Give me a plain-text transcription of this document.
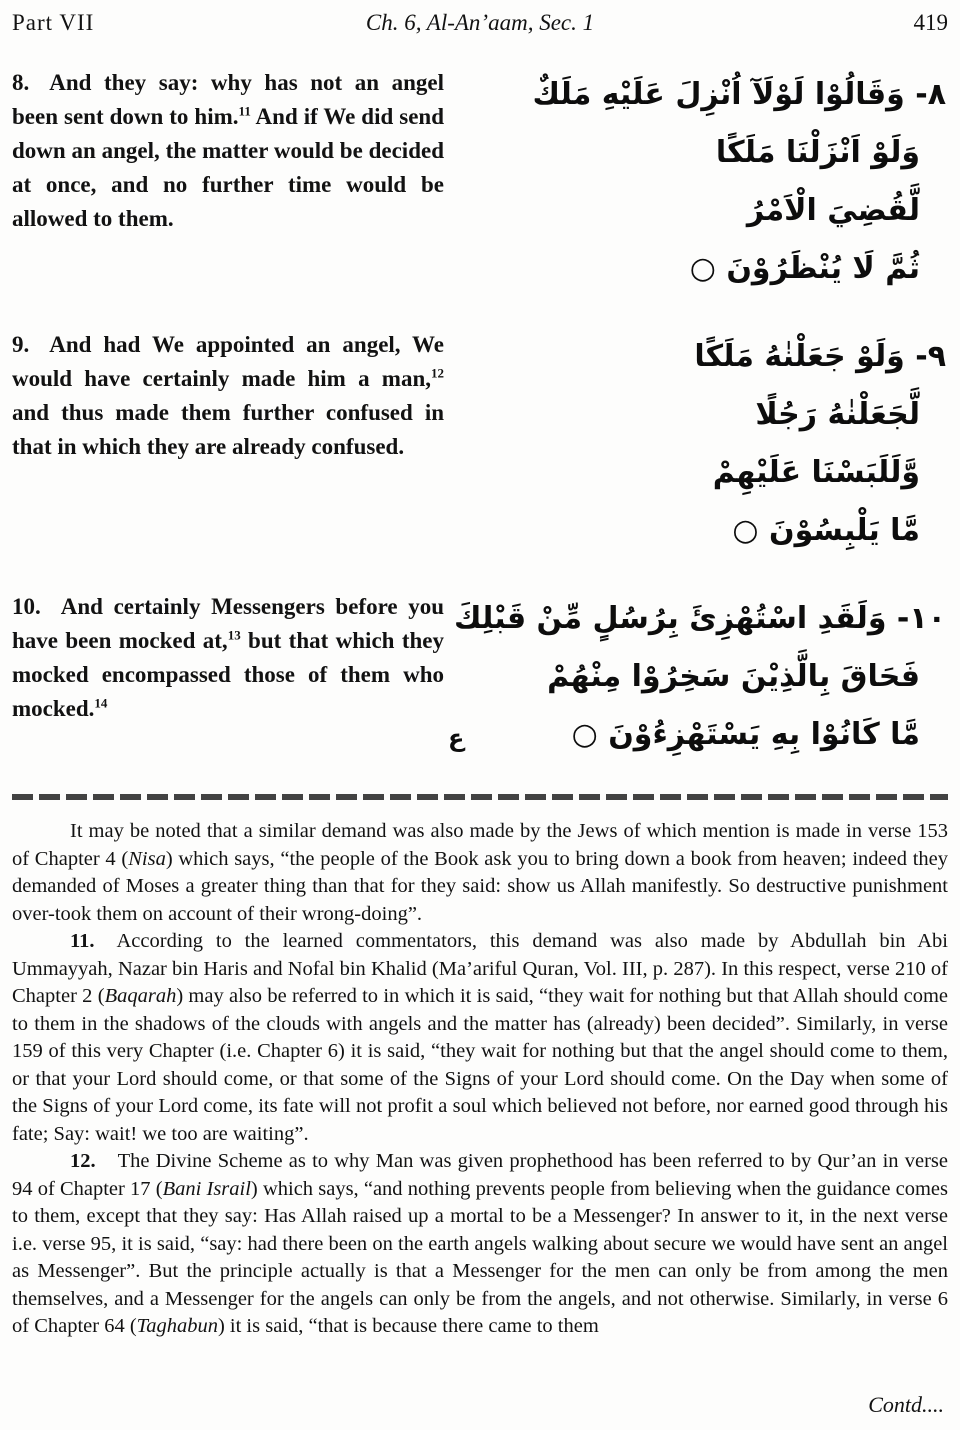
Part VII	Ch. 6, Al-An’aam, Sec. 1	419
8. And they say: why has not an angel been sent down to him.$^{11}$ And if We did send down an angel, the matter would be decided at once, and no further time would be allowed to them.
٨- وَقَالُوْا لَوْلَآ اُنْزِلَ عَلَيْهِ مَلَكٌ
وَلَوْ اَنْزَلْنَا مَلَكًا
لَّقُضِيَ الْاَمْرُ
ثُمَّ لَا يُنْظَرُوْنَ ○
9. And had We appointed an angel, We would have certainly made him a man,$^{12}$ and thus made them further confused in that in which they are already confused.
٩- وَلَوْ جَعَلْنٰهُ مَلَكًا
لَّجَعَلْنٰهُ رَجُلًا
وَّلَلَبَسْنَا عَلَيْهِمْ
مَّا يَلْبِسُوْنَ ○
10. And certainly Messengers before you have been mocked at,$^{13}$ but that which they mocked encompassed those of them who mocked.$^{14}$
١٠- وَلَقَدِ اسْتُهْزِئَ بِرُسُلٍ مِّنْ قَبْلِكَ
فَحَاقَ بِالَّذِيْنَ سَخِرُوْا مِنْهُمْ
مَّا كَانُوْا بِهِ يَسْتَهْزِءُوْنَ ○
ع

It may be noted that a similar demand was also made by the Jews of which mention is made in verse 153 of Chapter 4 (Nisa) which says, “the people of the Book ask you to bring down a book from heaven; indeed they demanded of Moses a greater thing than that for they said: show us Allah manifestly. So destructive punishment over-took them on account of their wrong-doing”.

11. According to the learned commentators, this demand was also made by Abdullah bin Abi Ummayyah, Nazar bin Haris and Nofal bin Khalid (Ma’ariful Quran, Vol. III, p. 287). In this respect, verse 210 of Chapter 2 (Baqarah) may also be referred to in which it is said, “they wait for nothing but that Allah should come to them in the shadows of the clouds with angels and the matter has (already) been decided”. Similarly, in verse 159 of this very Chapter (i.e. Chapter 6) it is said, “they wait for nothing but that the angel should come to them, or that your Lord should come, or that some of the Signs of your Lord should come. On the Day when some of the Signs of your Lord come, its fate will not profit a soul which believed not before, nor earned good through his fate; Say: wait! we too are waiting”.

12. The Divine Scheme as to why Man was given prophethood has been referred to by Qur’an in verse 94 of Chapter 17 (Bani Israil) which says, “and nothing prevents people from believing when the guidance comes to them, except that they say: Has Allah raised up a mortal to be a Messenger? In answer to it, in the next verse i.e. verse 95, it is said, “say: had there been on the earth angels walking about secure we would have sent an angel as Messenger”. But the principle actually is that a Messenger for the men can only be from among the men themselves, and a Messenger for the angels can only be from the angels, and not otherwise. Similarly, in verse 6 of Chapter 64 (Taghabun) it is said, “that is because there came to them

Contd....
